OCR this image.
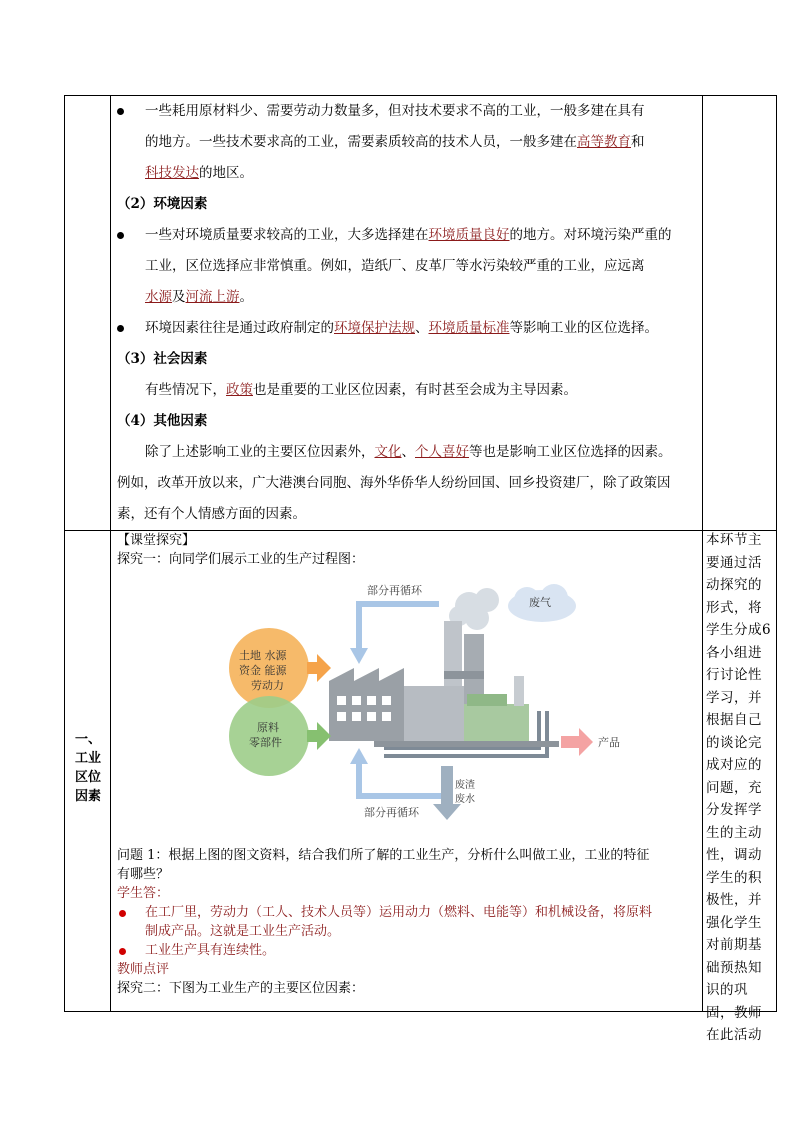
一些耗用原材料少、需要劳动力数量多，但对技术要求不高的工业，一般多建在具有
的地方。一些技术要求高的工业，需要素质较高的技术人员，一般多建在高等教育和
科技发达的地区。
（2）环境因素
一些对环境质量要求较高的工业，大多选择建在环境质量良好的地方。对环境污染严重的
工业，区位选择应非常慎重。例如，造纸厂、皮革厂等水污染较严重的工业，应远离
水源及河流上游。
环境因素往往是通过政府制定的环境保护法规、环境质量标准等影响工业的区位选择。
（3）社会因素
有些情况下，政策也是重要的工业区位因素，有时甚至会成为主导因素。
（4）其他因素
除了上述影响工业的主要区位因素外，文化、个人喜好等也是影响工业区位选择的因素。
例如，改革开放以来，广大港澳台同胞、海外华侨华人纷纷回国、回乡投资建厂，除了政策因
素，还有个人情感方面的因素。
一、
工业
区位
因素
【课堂探究】
探究一：向同学们展示工业的生产过程图：
部分再循环
废气
土地 水源
资金 能源
劳动力
原料
零部件	产品
部分再循环
废渣
废水
问题 1：根据上图的图文资料，结合我们所了解的工业生产，分析什么叫做工业，工业的特征
有哪些？
学生答：
在工厂里，劳动力（工人、技术人员等）运用动力（燃料、电能等）和机械设备，将原料
制成产品。这就是工业生产活动。
工业生产具有连续性。
教师点评
探究二：下图为工业生产的主要区位因素：
本环节主要通过活动探究的形式，将学生分成6各小组进行讨论性学习，并根据自己的谈论完成对应的问题，充分发挥学生的主动性，调动学生的积极性，并强化学生对前期基础预热知识的巩固，教师在此活动
